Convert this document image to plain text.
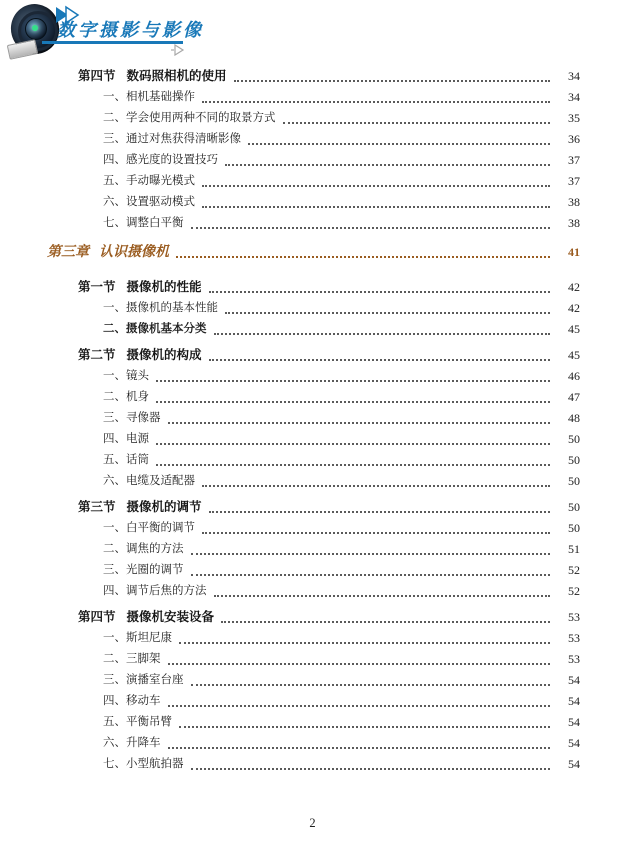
数字摄影与影像
第四节 数码照相机的使用	34
一、 相机基础操作	34
二、 学会使用两种不同的取景方式	35
三、 通过对焦获得清晰影像	36
四、 感光度的设置技巧	37
五、 手动曝光模式	37
六、 设置驱动模式	38
七、 调整白平衡	38
第三章 认识摄像机	41
第一节 摄像机的性能	42
一、 摄像机的基本性能	42
二、 摄像机基本分类	45
第二节 摄像机的构成	45
一、 镜头	46
二、 机身	47
三、 寻像器	48
四、 电源	50
五、 话筒	50
六、 电缆及适配器	50
第三节 摄像机的调节	50
一、 白平衡的调节	50
二、 调焦的方法	51
三、 光圈的调节	52
四、 调节后焦的方法	52
第四节 摄像机安装设备	53
一、 斯坦尼康	53
二、 三脚架	53
三、 演播室台座	54
四、 移动车	54
五、 平衡吊臂	54
六、 升降车	54
七、 小型航拍器	54
2
